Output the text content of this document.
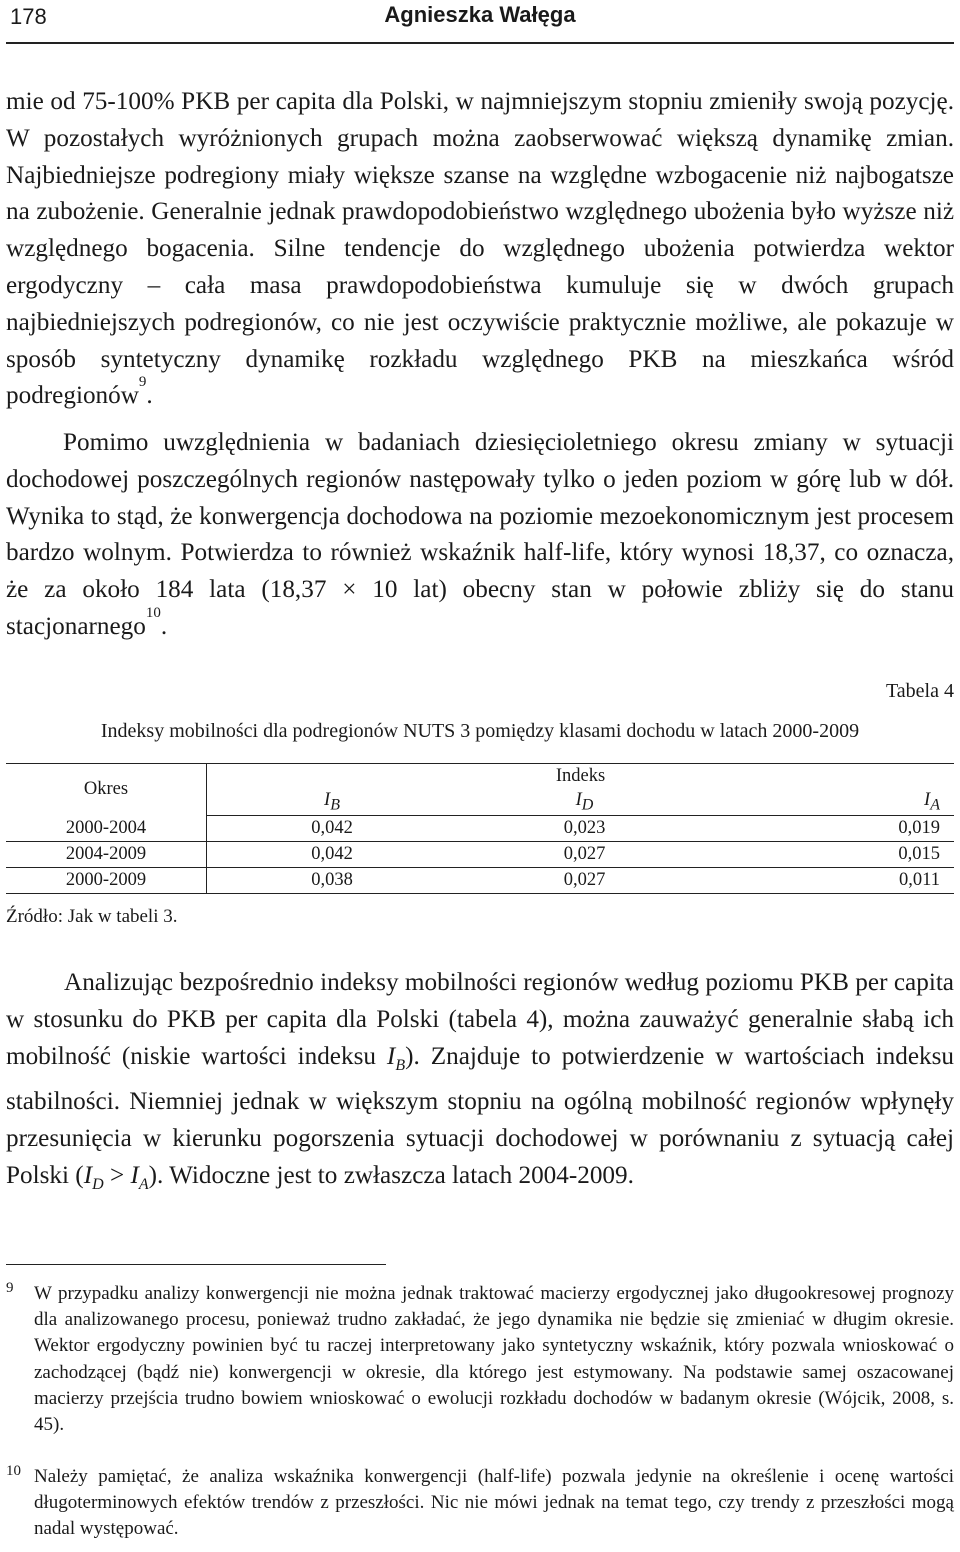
178	Agnieszka Wałęga

mie od 75-100% PKB per capita dla Polski, w najmniejszym stopniu zmieniły swoją pozycję. W pozostałych wyróżnionych grupach można zaobserwować większą dynamikę zmian. Najbiedniejsze podregiony miały większe szanse na względne wzbogacenie niż najbogatsze na zubożenie. Generalnie jednak prawdopodobieństwo względnego ubożenia było wyższe niż względnego bogacenia. Silne tendencje do względnego ubożenia potwierdza wektor ergodyczny – cała masa prawdopodobieństwa kumuluje się w dwóch grupach najbiedniejszych podregionów, co nie jest oczywiście praktycznie możliwe, ale pokazuje w sposób syntetyczny dynamikę rozkładu względnego PKB na mieszkańca wśród podregionów$^9$.

Pomimo uwzględnienia w badaniach dziesięcioletniego okresu zmiany w sytuacji dochodowej poszczególnych regionów następowały tylko o jeden poziom w górę lub w dół. Wynika to stąd, że konwergencja dochodowa na poziomie mezoekonomicznym jest procesem bardzo wolnym. Potwierdza to również wskaźnik half-life, który wynosi 18,37, co oznacza, że za około 184 lata (18,37 × 10 lat) obecny stan w połowie zbliży się do stanu stacjonarnego$^{10}$.

Tabela 4
Indeksy mobilności dla podregionów NUTS 3 pomiędzy klasami dochodu w latach 2000-2009
Okres	Indeks		
	$I_B$	$I_D$	$I_A$
2000-2004	0,042	0,023	0,019
2004-2009	0,042	0,027	0,015
2000-2009	0,038	0,027	0,011
Źródło: Jak w tabeli 3.

Analizując bezpośrednio indeksy mobilności regionów według poziomu PKB per capita w stosunku do PKB per capita dla Polski (tabela 4), można zauważyć generalnie słabą ich mobilność (niskie wartości indeksu $I_B$). Znajduje to potwierdzenie w wartościach indeksu stabilności. Niemniej jednak w większym stopniu na ogólną mobilność regionów wpłynęły przesunięcia w kierunku pogorszenia sytuacji dochodowej w porównaniu z sytuacją całej Polski $(I_D > I_A)$. Widoczne jest to zwłaszcza latach 2004-2009.

9 W przypadku analizy konwergencji nie można jednak traktować macierzy ergodycznej jako długookresowej prognozy dla analizowanego procesu, ponieważ trudno zakładać, że jego dynamika nie będzie się zmieniać w długim okresie. Wektor ergodyczny powinien być tu raczej interpretowany jako syntetyczny wskaźnik, który pozwala wnioskować o zachodzącej (bądź nie) konwergencji w okresie, dla którego jest estymowany. Na podstawie samej oszacowanej macierzy przejścia trudno bowiem wnioskować o ewolucji rozkładu dochodów w badanym okresie (Wójcik, 2008, s. 45).
10 Należy pamiętać, że analiza wskaźnika konwergencji (half-life) pozwala jedynie na określenie i ocenę wartości długoterminowych efektów trendów z przeszłości. Nic nie mówi jednak na temat tego, czy trendy z przeszłości mogą nadal występować.
